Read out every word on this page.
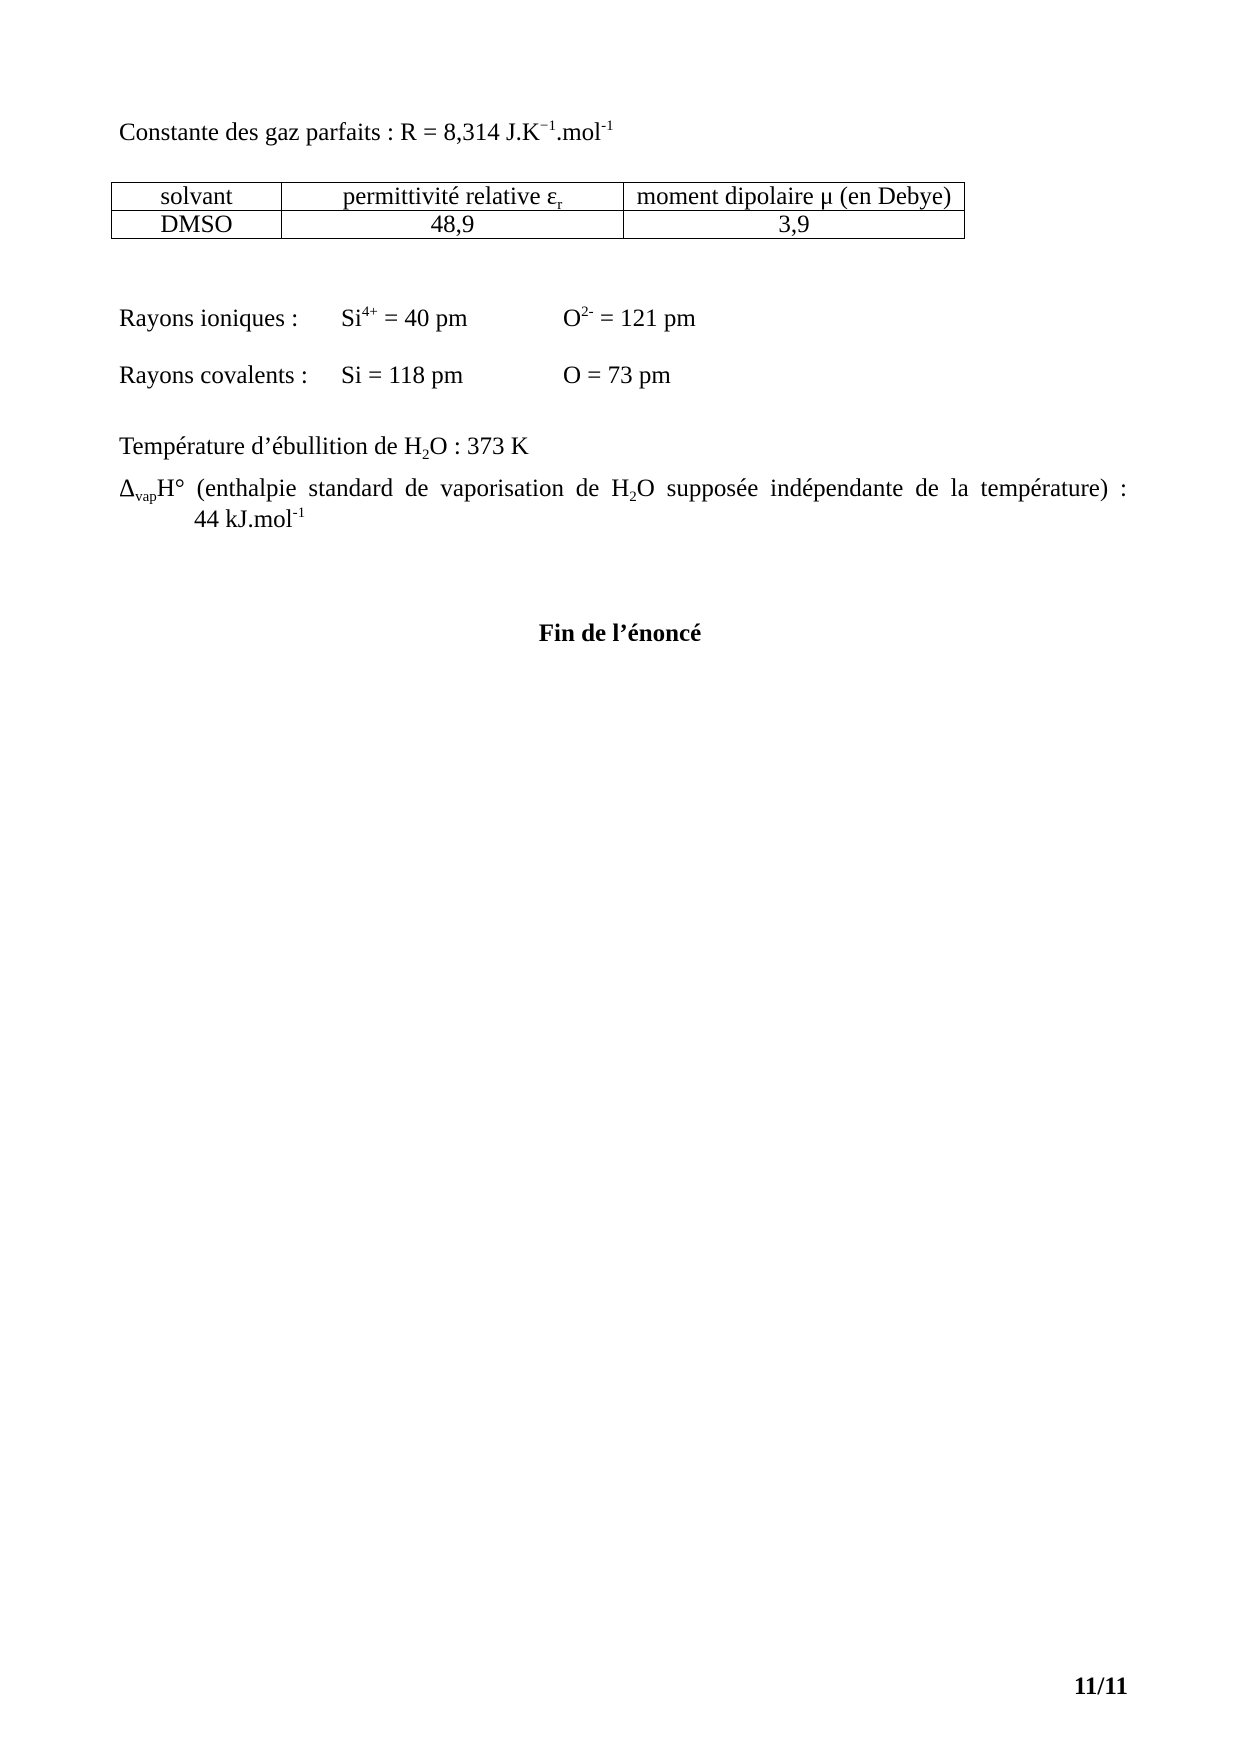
Constante des gaz parfaits : R = 8,314 $J.K^{-1}.mol^{-1}$
solvant	permittivité relative $\varepsilon_r$	moment dipolaire μ (en Debye)
DMSO	48,9	3,9
Rayons ioniques : $Si^{4+} = 40$ pm	$O^{2-} = 121$ pm
Rayons covalents : Si = 118 pm	O = 73 pm
Température d’ébullition de $H_2O$ : 373 K
$\Delta_{vap}H^\circ$ (enthalpie standard de vaporisation de $H_2O$ supposée indépendante de la température) :
44 kJ.mol$^{-1}$
Fin de l’énoncé
11/11
